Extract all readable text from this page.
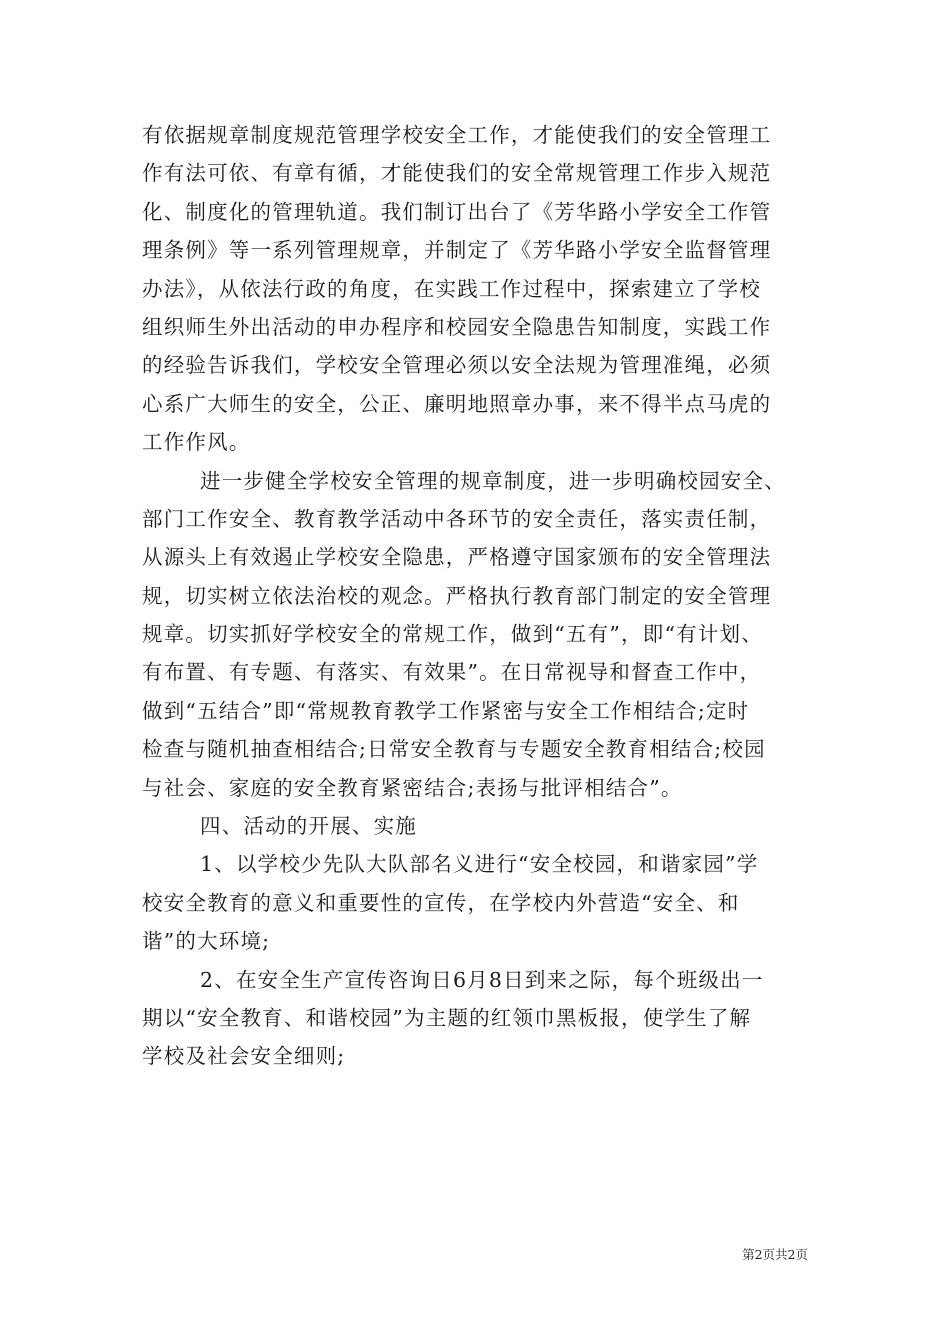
有依据规章制度规范管理学校安全工作，才能使我们的安全管理工
作有法可依、有章有循，才能使我们的安全常规管理工作步入规范
化、制度化的管理轨道。我们制订出台了《芳华路小学安全工作管
理条例》等一系列管理规章，并制定了《芳华路小学安全监督管理
办法》，从依法行政的角度，在实践工作过程中，探索建立了学校
组织师生外出活动的申办程序和校园安全隐患告知制度，实践工作
的经验告诉我们，学校安全管理必须以安全法规为管理准绳，必须
心系广大师生的安全，公正、廉明地照章办事，来不得半点马虎的
工作作风。
进一步健全学校安全管理的规章制度，进一步明确校园安全、
部门工作安全、教育教学活动中各环节的安全责任，落实责任制，
从源头上有效遏止学校安全隐患，严格遵守国家颁布的安全管理法
规，切实树立依法治校的观念。严格执行教育部门制定的安全管理
规章。切实抓好学校安全的常规工作，做到“五有”，即“有计划、
有布置、有专题、有落实、有效果”。在日常视导和督查工作中，
做到“五结合”即“常规教育教学工作紧密与安全工作相结合;定时
检查与随机抽查相结合;日常安全教育与专题安全教育相结合;校园
与社会、家庭的安全教育紧密结合;表扬与批评相结合”。
四、活动的开展、实施
1、以学校少先队大队部名义进行“安全校园，和谐家园”学
校安全教育的意义和重要性的宣传，在学校内外营造“安全、和
谐”的大环境;
2、在安全生产宣传咨询日6月8日到来之际，每个班级出一
期以“安全教育、和谐校园”为主题的红领巾黑板报，使学生了解
学校及社会安全细则;
第2页共2页
